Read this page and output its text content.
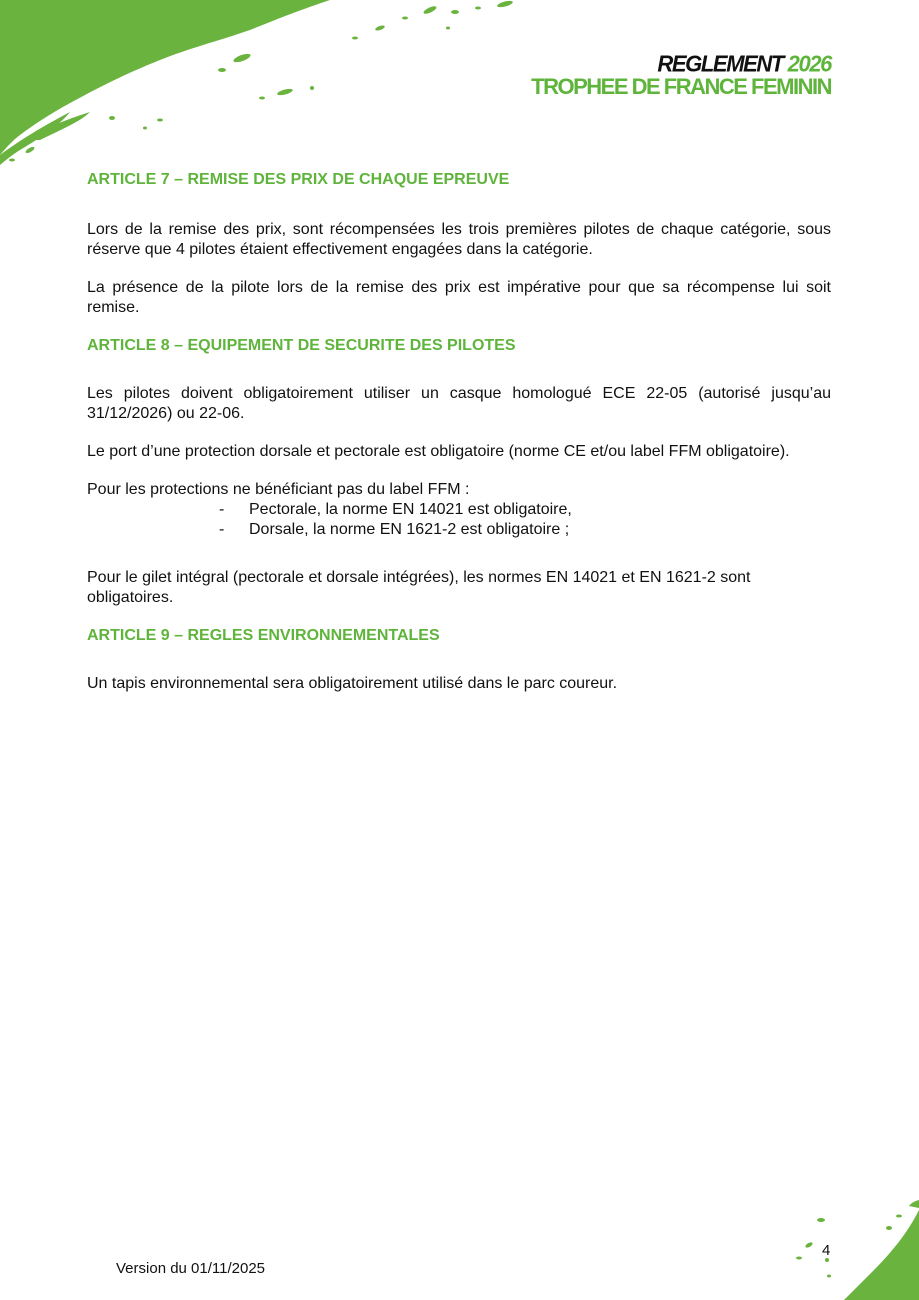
REGLEMENT 2026
TROPHEE DE FRANCE FEMININ
ARTICLE 7 – REMISE DES PRIX DE CHAQUE EPREUVE

Lors de la remise des prix, sont récompensées les trois premières pilotes de chaque catégorie, sous réserve que 4 pilotes étaient effectivement engagées dans la catégorie.

La présence de la pilote lors de la remise des prix est impérative pour que sa récompense lui soit remise.

ARTICLE 8 – EQUIPEMENT DE SECURITE DES PILOTES

Les pilotes doivent obligatoirement utiliser un casque homologué ECE 22-05 (autorisé jusqu’au 31/12/2026) ou 22-06.

Le port d’une protection dorsale et pectorale est obligatoire (norme CE et/ou label FFM obligatoire).

Pour les protections ne bénéficiant pas du label FFM :

- Pectorale, la norme EN 14021 est obligatoire,
- Dorsale, la norme EN 1621-2 est obligatoire ;

Pour le gilet intégral (pectorale et dorsale intégrées), les normes EN 14021 et EN 1621-2 sont obligatoires.

ARTICLE 9 – REGLES ENVIRONNEMENTALES

Un tapis environnemental sera obligatoirement utilisé dans le parc coureur.

Version du 01/11/2025
4
